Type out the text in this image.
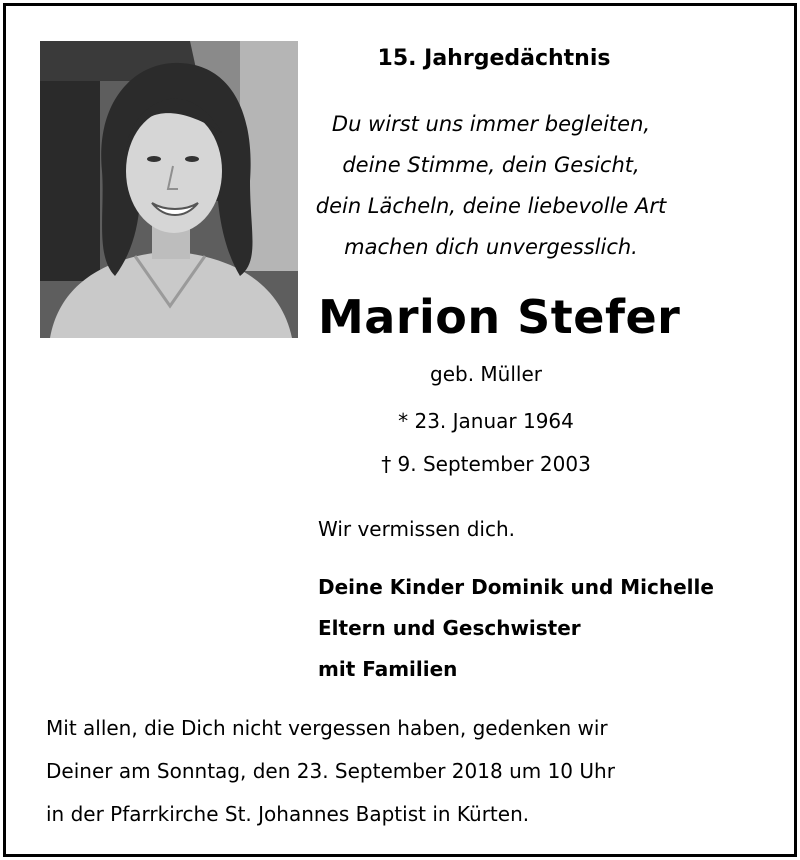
15. Jahrgedächtnis
Du wirst uns immer begleiten,
deine Stimme, dein Gesicht,
dein Lächeln, deine liebevolle Art
machen dich unvergesslich.
Marion Stefer
geb. Müller
* 23. Januar 1964
† 9. September 2003
Wir vermissen dich.
Deine Kinder Dominik und Michelle
Eltern und Geschwister
mit Familien
Mit allen, die Dich nicht vergessen haben, gedenken wir
Deiner am Sonntag, den 23. September 2018 um 10 Uhr
in der Pfarrkirche St. Johannes Baptist in Kürten.
